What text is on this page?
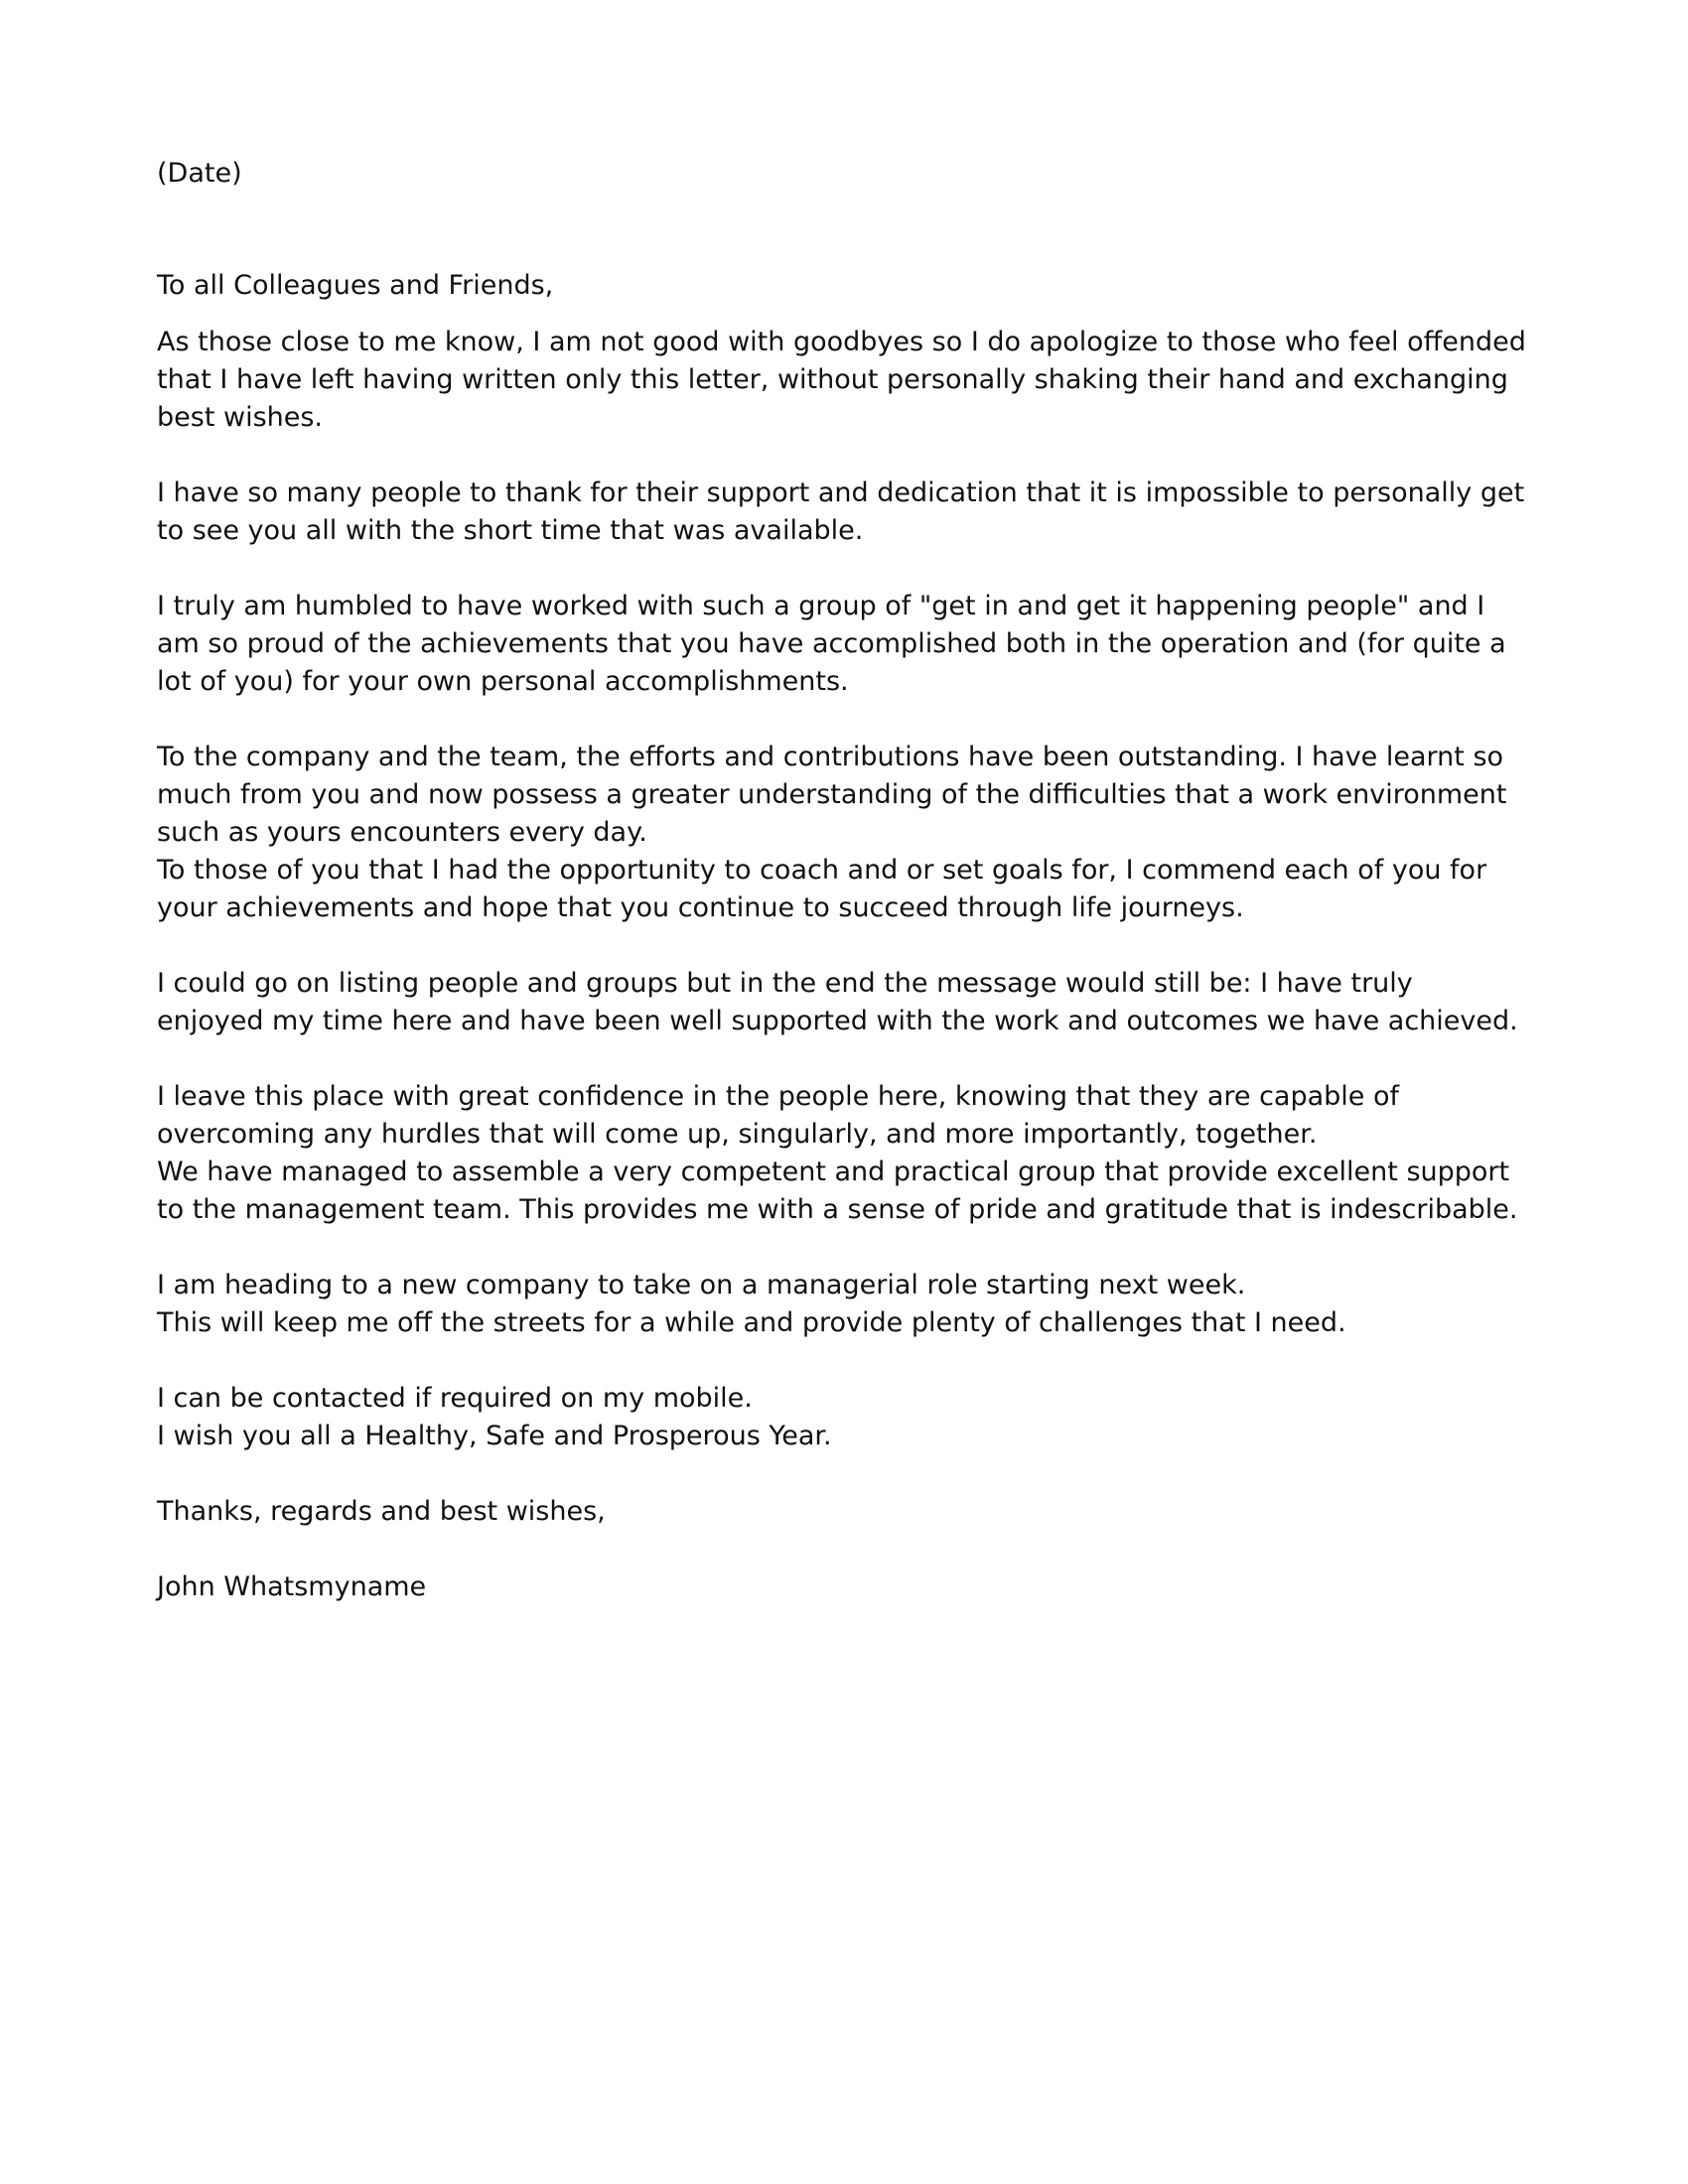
(Date)
To all Colleagues and Friends,
As those close to me know, I am not good with goodbyes so I do apologize to those who feel offended
that I have left having written only this letter, without personally shaking their hand and exchanging
best wishes.
I have so many people to thank for their support and dedication that it is impossible to personally get
to see you all with the short time that was available.
I truly am humbled to have worked with such a group of "get in and get it happening people" and I
am so proud of the achievements that you have accomplished both in the operation and (for quite a
lot of you) for your own personal accomplishments.
To the company and the team, the efforts and contributions have been outstanding. I have learnt so
much from you and now possess a greater understanding of the difficulties that a work environment
such as yours encounters every day.
To those of you that I had the opportunity to coach and or set goals for, I commend each of you for
your achievements and hope that you continue to succeed through life journeys.
I could go on listing people and groups but in the end the message would still be: I have truly
enjoyed my time here and have been well supported with the work and outcomes we have achieved.
I leave this place with great confidence in the people here, knowing that they are capable of
overcoming any hurdles that will come up, singularly, and more importantly, together.
We have managed to assemble a very competent and practical group that provide excellent support
to the management team. This provides me with a sense of pride and gratitude that is indescribable.
I am heading to a new company to take on a managerial role starting next week.
This will keep me off the streets for a while and provide plenty of challenges that I need.
I can be contacted if required on my mobile.
I wish you all a Healthy, Safe and Prosperous Year.
Thanks, regards and best wishes,
John Whatsmyname
